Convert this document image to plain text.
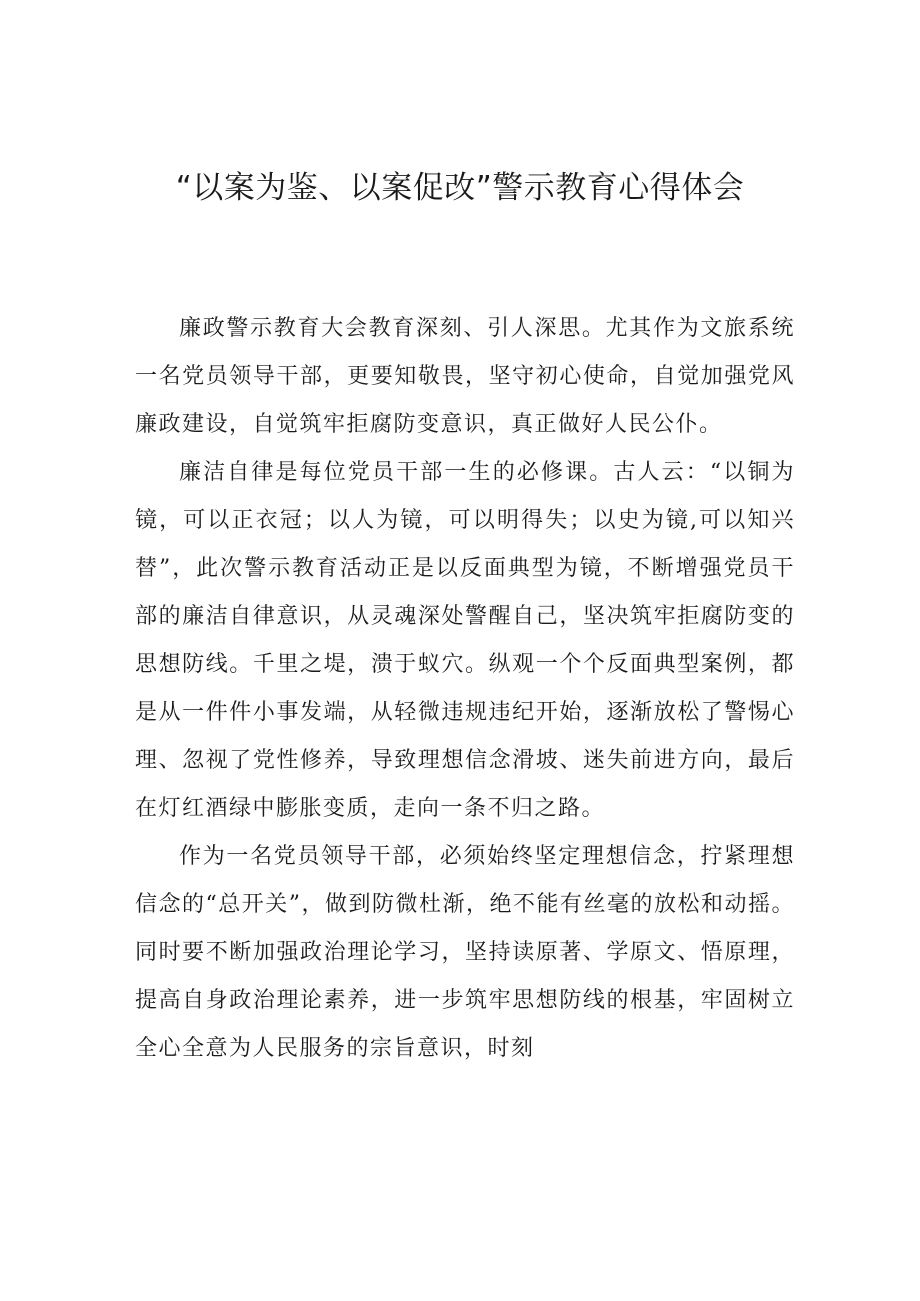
“以案为鉴、以案促改”警示教育心得体会

廉政警示教育大会教育深刻、引人深思。尤其作为文旅系统一名党员领导干部，更要知敬畏，坚守初心使命，自觉加强党风廉政建设，自觉筑牢拒腐防变意识，真正做好人民公仆。

廉洁自律是每位党员干部一生的必修课。古人云：“以铜为镜，可以正衣冠；以人为镜，可以明得失；以史为镜,可以知兴替”，此次警示教育活动正是以反面典型为镜，不断增强党员干部的廉洁自律意识，从灵魂深处警醒自己，坚决筑牢拒腐防变的思想防线。千里之堤，溃于蚁穴。纵观一个个反面典型案例，都是从一件件小事发端，从轻微违规违纪开始，逐渐放松了警惕心理、忽视了党性修养，导致理想信念滑坡、迷失前进方向，最后在灯红酒绿中膨胀变质，走向一条不归之路。

作为一名党员领导干部，必须始终坚定理想信念，拧紧理想信念的“总开关”，做到防微杜渐，绝不能有丝毫的放松和动摇。同时要不断加强政治理论学习，坚持读原著、学原文、悟原理，提高自身政治理论素养，进一步筑牢思想防线的根基，牢固树立全心全意为人民服务的宗旨意识，时刻
